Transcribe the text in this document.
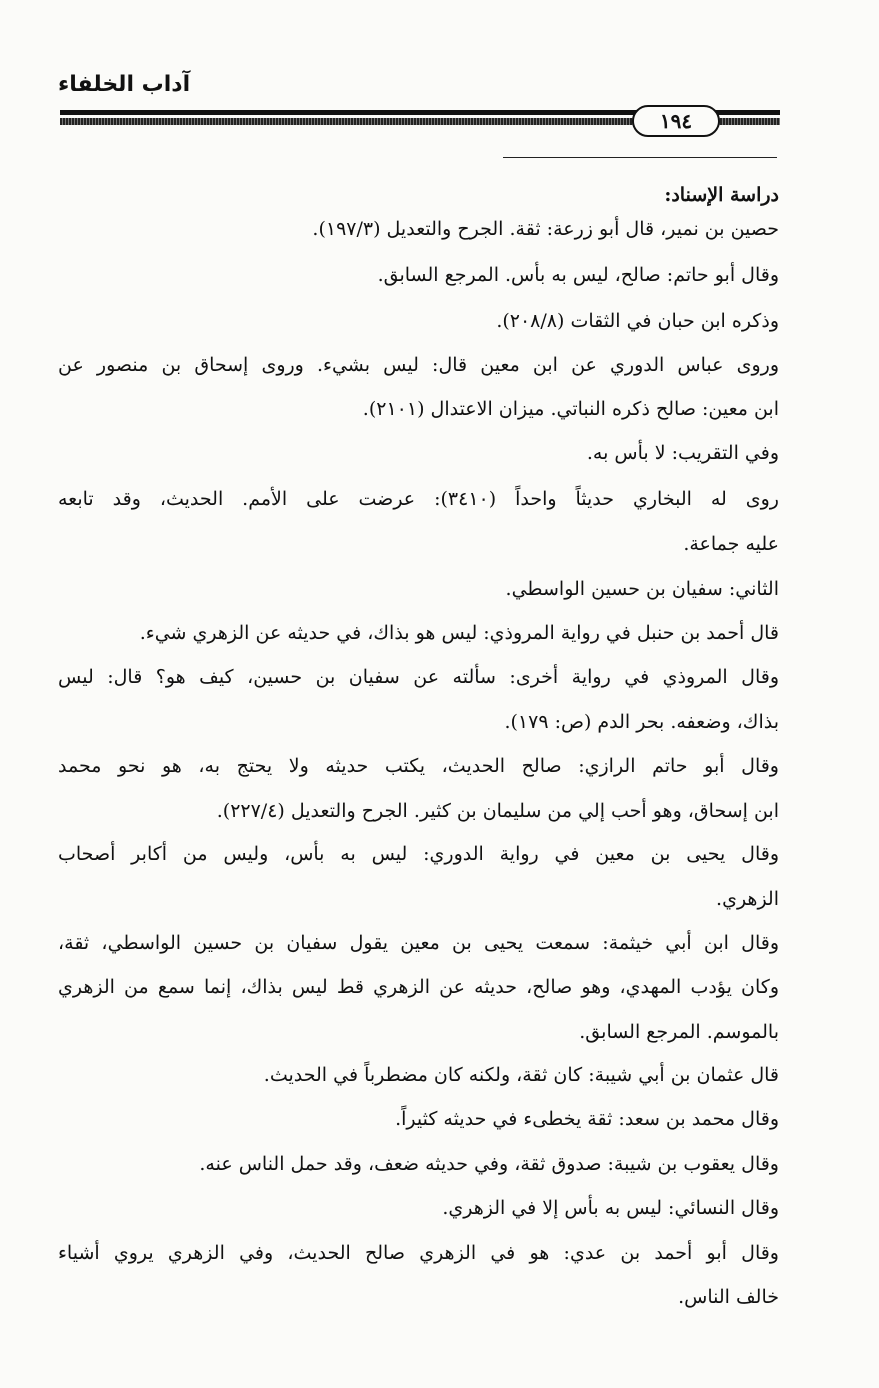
آداب الخلفاء
١٩٤
دراسة الإسناد:
حصين بن نمير، قال أبو زرعة: ثقة. الجرح والتعديل (١٩٧/٣).
وقال أبو حاتم: صالح، ليس به بأس. المرجع السابق.
وذكره ابن حبان في الثقات (٢٠٨/٨).
وروى عباس الدوري عن ابن معين قال: ليس بشيء. وروى إسحاق بن منصور عن
ابن معين: صالح ذكره النباتي. ميزان الاعتدال (٢١٠١).
وفي التقريب: لا بأس به.
روى له البخاري حديثاً واحداً (٣٤١٠): عرضت على الأمم. الحديث، وقد تابعه
عليه جماعة.
الثاني: سفيان بن حسين الواسطي.
قال أحمد بن حنبل في رواية المروذي: ليس هو بذاك، في حديثه عن الزهري شيء.
وقال المروذي في رواية أخرى: سألته عن سفيان بن حسين، كيف هو؟ قال: ليس
بذاك، وضعفه. بحر الدم (ص: ١٧٩).
وقال أبو حاتم الرازي: صالح الحديث، يكتب حديثه ولا يحتج به، هو نحو محمد
ابن إسحاق، وهو أحب إلي من سليمان بن كثير. الجرح والتعديل (٢٢٧/٤).
وقال يحيى بن معين في رواية الدوري: ليس به بأس، وليس من أكابر أصحاب
الزهري.
وقال ابن أبي خيثمة: سمعت يحيى بن معين يقول سفيان بن حسين الواسطي، ثقة،
وكان يؤدب المهدي، وهو صالح، حديثه عن الزهري قط ليس بذاك، إنما سمع من الزهري
بالموسم. المرجع السابق.
قال عثمان بن أبي شيبة: كان ثقة، ولكنه كان مضطرباً في الحديث.
وقال محمد بن سعد: ثقة يخطىء في حديثه كثيراً.
وقال يعقوب بن شيبة: صدوق ثقة، وفي حديثه ضعف، وقد حمل الناس عنه.
وقال النسائي: ليس به بأس إلا في الزهري.
وقال أبو أحمد بن عدي: هو في الزهري صالح الحديث، وفي الزهري يروي أشياء
خالف الناس.
